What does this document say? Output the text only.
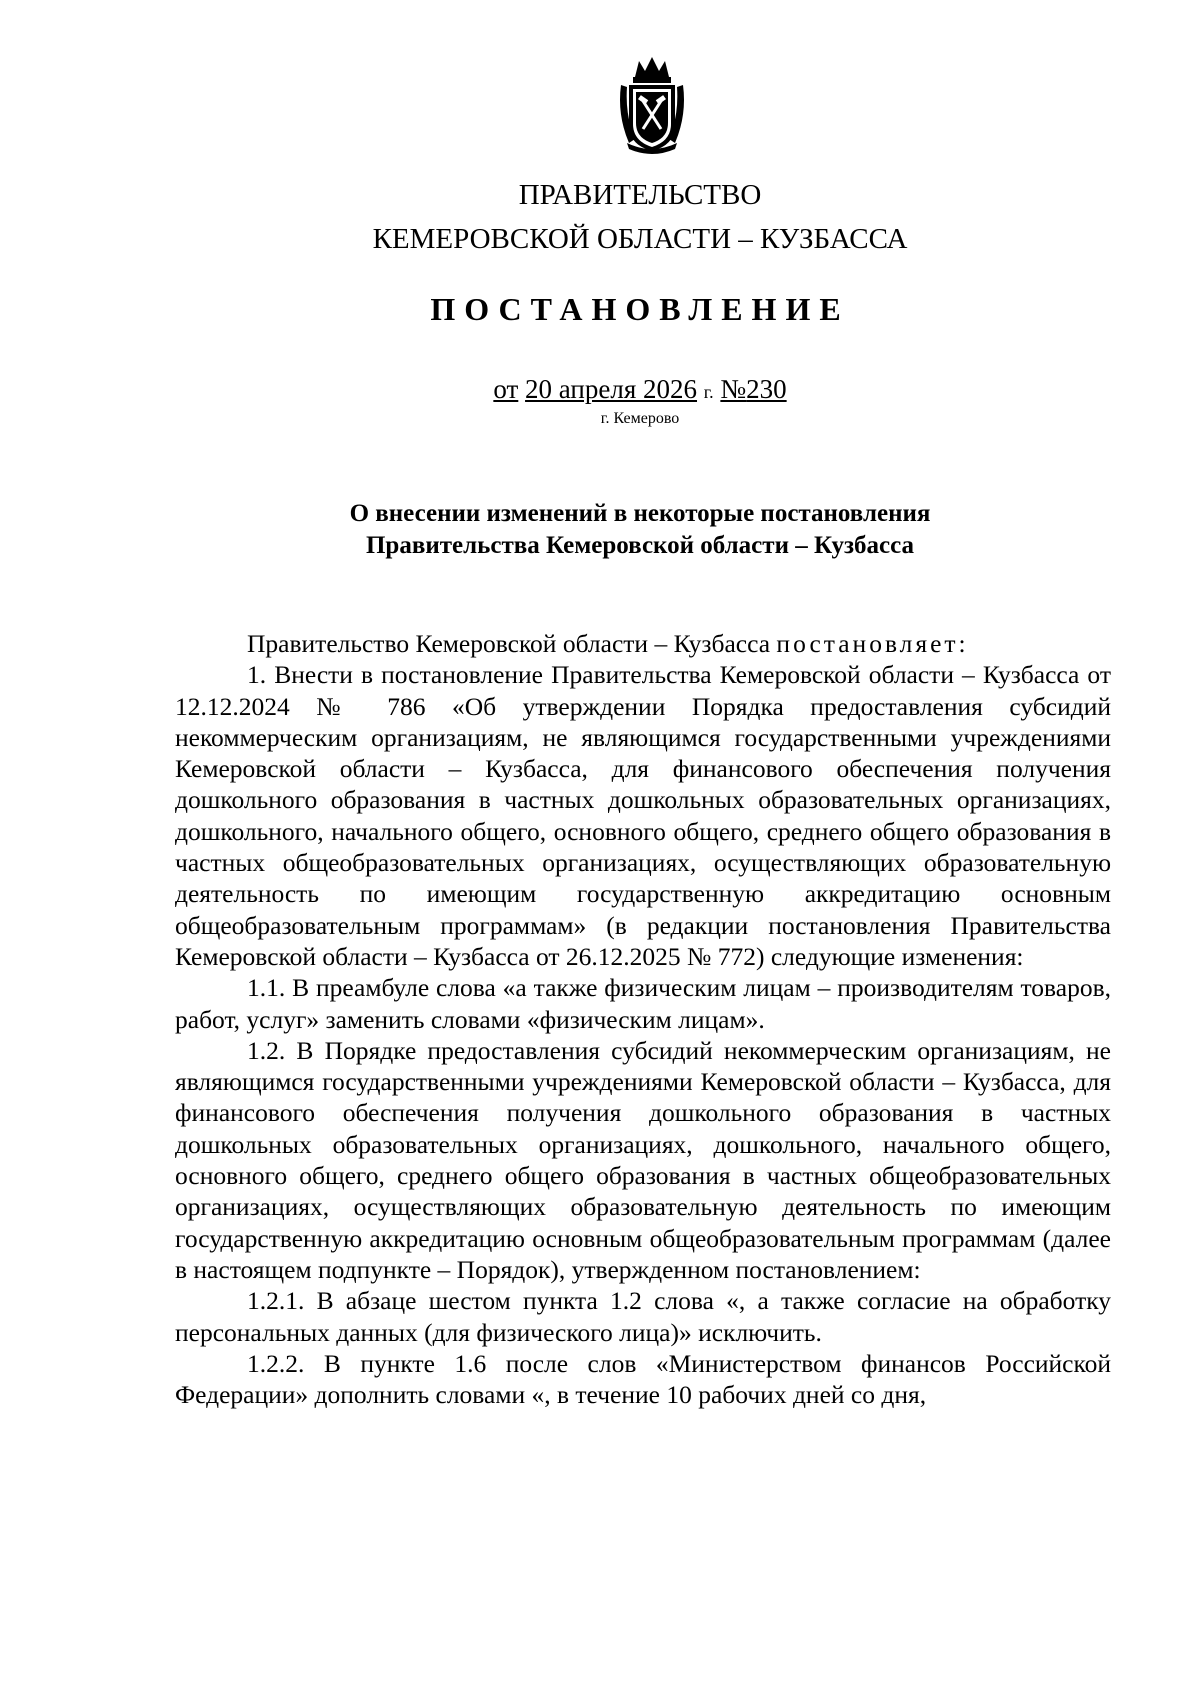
ПРАВИТЕЛЬСТВО
КЕМЕРОВСКОЙ ОБЛАСТИ – КУЗБАССА
ПОСТАНОВЛЕНИЕ
от 20 апреля 2026 г. №230
г. Кемерово
О внесении изменений в некоторые постановления
Правительства Кемеровской области – Кузбасса

Правительство Кемеровской области – Кузбасса постановляет:

1. Внести в постановление Правительства Кемеровской области – Кузбасса от 12.12.2024 № 786 «Об утверждении Порядка предоставления субсидий некоммерческим организациям, не являющимся государственными учреждениями Кемеровской области – Кузбасса, для финансового обеспечения получения дошкольного образования в частных дошкольных образовательных организациях, дошкольного, начального общего, основного общего, среднего общего образования в частных общеобразовательных организациях, осуществляющих образовательную деятельность по имеющим государственную аккредитацию основным общеобразовательным программам» (в редакции постановления Правительства Кемеровской области – Кузбасса от 26.12.2025 № 772) следующие изменения:

1.1. В преамбуле слова «а также физическим лицам – производителям товаров, работ, услуг» заменить словами «физическим лицам».

1.2. В Порядке предоставления субсидий некоммерческим организациям, не являющимся государственными учреждениями Кемеровской области – Кузбасса, для финансового обеспечения получения дошкольного образования в частных дошкольных образовательных организациях, дошкольного, начального общего, основного общего, среднего общего образования в частных общеобразовательных организациях, осуществляющих образовательную деятельность по имеющим государственную аккредитацию основным общеобразовательным программам (далее в настоящем подпункте – Порядок), утвержденном постановлением:

1.2.1. В абзаце шестом пункта 1.2 слова «, а также согласие на обработку персональных данных (для физического лица)» исключить.

1.2.2. В пункте 1.6 после слов «Министерством финансов Российской Федерации» дополнить словами «, в течение 10 рабочих дней со дня,
